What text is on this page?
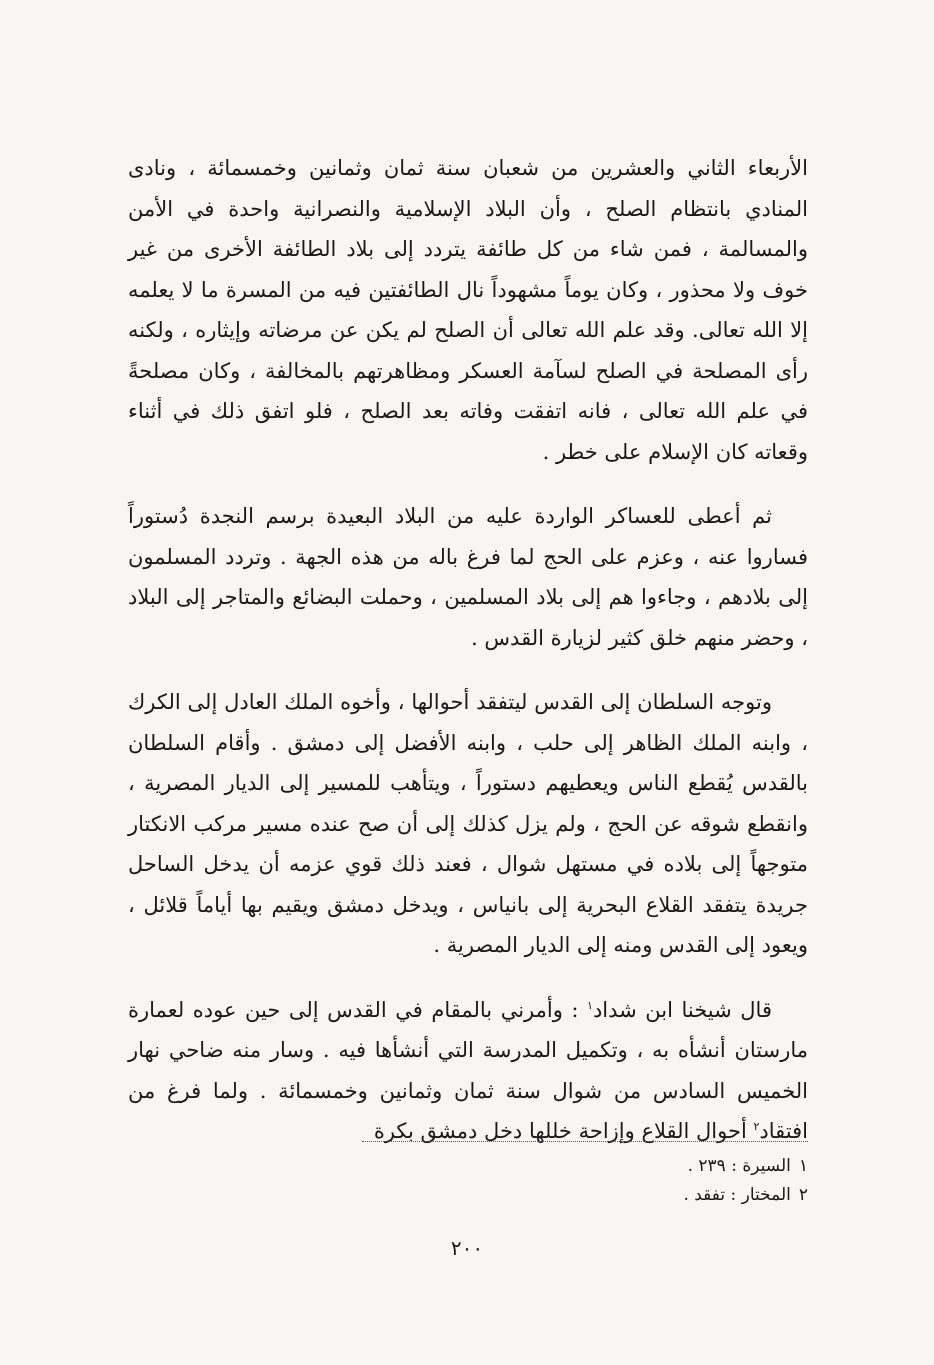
الأربعاء الثاني والعشرين من شعبان سنة ثمان وثمانين وخمسمائة ، ونادى المنادي بانتظام الصلح ، وأن البلاد الإسلامية والنصرانية واحدة في الأمن والمسالمة ، فمن شاء من كل طائفة يتردد إلى بلاد الطائفة الأخرى من غير خوف ولا محذور ، وكان يوماً مشهوداً نال الطائفتين فيه من المسرة ما لا يعلمه إلا الله تعالى. وقد علم الله تعالى أن الصلح لم يكن عن مرضاته وإيثاره ، ولكنه رأى المصلحة في الصلح لسآمة العسكر ومظاهرتهم بالمخالفة ، وكان مصلحةً في علم الله تعالى ، فانه اتفقت وفاته بعد الصلح ، فلو اتفق ذلك في أثناء وقعاته كان الإسلام على خطر .

ثم أعطى للعساكر الواردة عليه من البلاد البعيدة برسم النجدة دُستوراً فساروا عنه ، وعزم على الحج لما فرغ باله من هذه الجهة . وتردد المسلمون إلى بلادهم ، وجاءوا هم إلى بلاد المسلمين ، وحملت البضائع والمتاجر إلى البلاد ، وحضر منهم خلق كثير لزيارة القدس .

وتوجه السلطان إلى القدس ليتفقد أحوالها ، وأخوه الملك العادل إلى الكرك ، وابنه الملك الظاهر إلى حلب ، وابنه الأفضل إلى دمشق . وأقام السلطان بالقدس يُقطع الناس ويعطيهم دستوراً ، ويتأهب للمسير إلى الديار المصرية ، وانقطع شوقه عن الحج ، ولم يزل كذلك إلى أن صح عنده مسير مركب الانكتار متوجهاً إلى بلاده في مستهل شوال ، فعند ذلك قوي عزمه أن يدخل الساحل جريدة يتفقد القلاع البحرية إلى بانياس ، ويدخل دمشق ويقيم بها أياماً قلائل ، ويعود إلى القدس ومنه إلى الديار المصرية .

قال شيخنا ابن شداد$^١$ : وأمرني بالمقام في القدس إلى حين عوده لعمارة مارستان أنشأه به ، وتكميل المدرسة التي أنشأها فيه . وسار منه ضاحي نهار الخميس السادس من شوال سنة ثمان وثمانين وخمسمائة . ولما فرغ من افتقاد$^٢$ أحوال القلاع وإزاحة خللها دخل دمشق بكرة

١السيرة : ٢٣٩ .

٢المختار : تفقد .

٢٠٠
